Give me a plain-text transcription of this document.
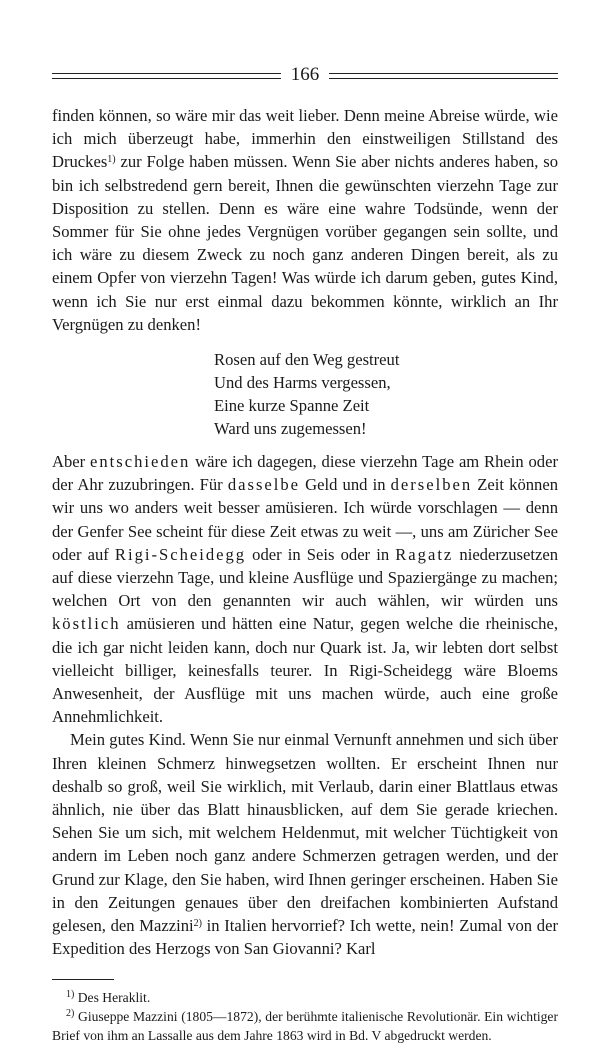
166

finden können, so wäre mir das weit lieber. Denn meine Abreise würde, wie ich mich überzeugt habe, immerhin den einstweiligen Stillstand des Druckes$^{1)}$ zur Folge haben müssen. Wenn Sie aber nichts anderes haben, so bin ich selbstredend gern bereit, Ihnen die gewünschten vierzehn Tage zur Disposition zu stellen. Denn es wäre eine wahre Todsünde, wenn der Sommer für Sie ohne jedes Vergnügen vorüber gegangen sein sollte, und ich wäre zu diesem Zweck zu noch ganz anderen Dingen bereit, als zu einem Opfer von vierzehn Tagen! Was würde ich darum geben, gutes Kind, wenn ich Sie nur erst einmal dazu bekommen könnte, wirklich an Ihr Vergnügen zu denken!

Rosen auf den Weg gestreut
Und des Harms vergessen,
Eine kurze Spanne Zeit
Ward uns zugemessen!

Aber entschieden wäre ich dagegen, diese vierzehn Tage am Rhein oder der Ahr zuzubringen. Für dasselbe Geld und in derselben Zeit können wir uns wo anders weit besser amüsieren. Ich würde vorschlagen — denn der Genfer See scheint für diese Zeit etwas zu weit —, uns am Züricher See oder auf Rigi-Scheidegg oder in Seis oder in Ragatz niederzusetzen auf diese vierzehn Tage, und kleine Ausflüge und Spaziergänge zu machen; welchen Ort von den genannten wir auch wählen, wir würden uns köstlich amüsieren und hätten eine Natur, gegen welche die rheinische, die ich gar nicht leiden kann, doch nur Quark ist. Ja, wir lebten dort selbst vielleicht billiger, keinesfalls teurer. In Rigi-Scheidegg wäre Bloems Anwesenheit, der Ausflüge mit uns machen würde, auch eine große Annehmlichkeit.

Mein gutes Kind. Wenn Sie nur einmal Vernunft annehmen und sich über Ihren kleinen Schmerz hinwegsetzen wollten. Er erscheint Ihnen nur deshalb so groß, weil Sie wirklich, mit Verlaub, darin einer Blattlaus etwas ähnlich, nie über das Blatt hinausblicken, auf dem Sie gerade kriechen. Sehen Sie um sich, mit welchem Heldenmut, mit welcher Tüchtigkeit von andern im Leben noch ganz andere Schmerzen getragen werden, und der Grund zur Klage, den Sie haben, wird Ihnen geringer erscheinen. Haben Sie in den Zeitungen genaues über den dreifachen kombinierten Aufstand gelesen, den Mazzini$^{2)}$ in Italien hervorrief? Ich wette, nein! Zumal von der Expedition des Herzogs von San Giovanni? Karl

$^{1)}$ Des Heraklit.

$^{2)}$ Giuseppe Mazzini (1805—1872), der berühmte italienische Revolutionär. Ein wichtiger Brief von ihm an Lassalle aus dem Jahre 1863 wird in Bd. V abgedruckt werden.
